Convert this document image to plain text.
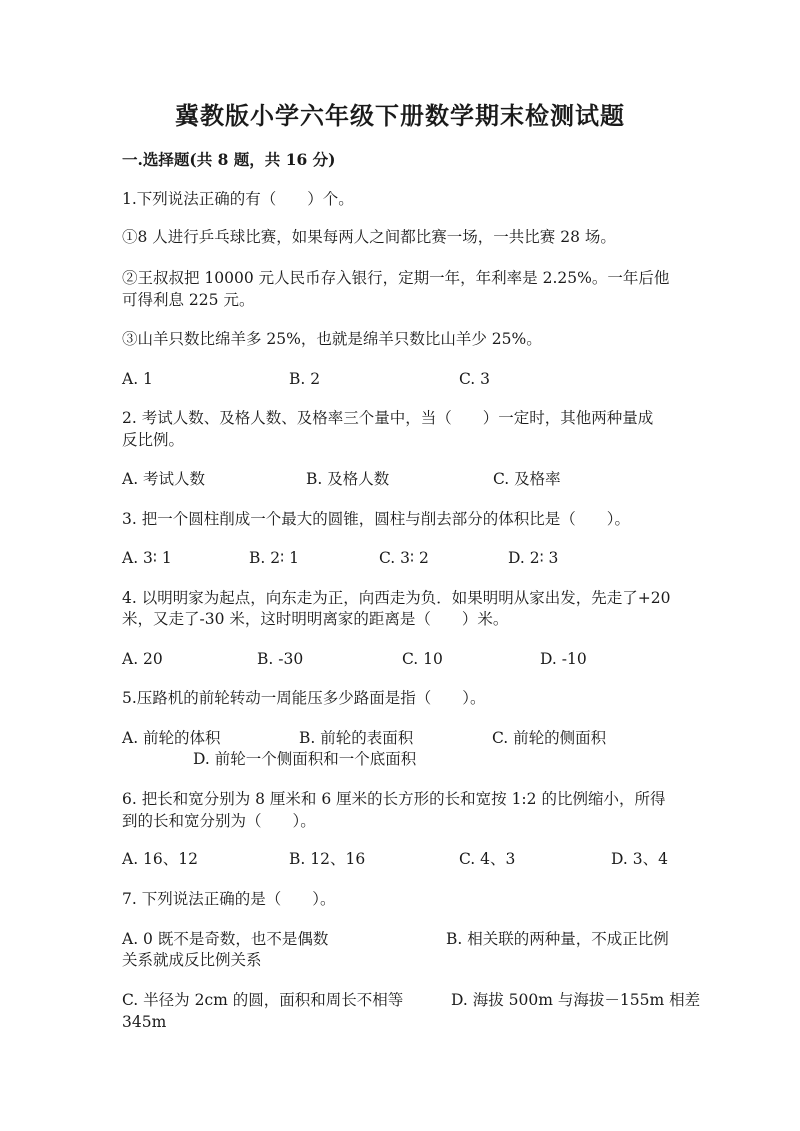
冀教版小学六年级下册数学期末检测试题
一.选择题(共 8 题，共 16 分)
1.下列说法正确的有（　　）个。
①8 人进行乒乓球比赛，如果每两人之间都比赛一场，一共比赛 28 场。
②王叔叔把 10000 元人民币存入银行，定期一年，年利率是 2.25%。一年后他
可得利息 225 元。
③山羊只数比绵羊多 25%，也就是绵羊只数比山羊少 25%。
A. 1	B. 2	C. 3
2. 考试人数、及格人数、及格率三个量中，当（　　）一定时，其他两种量成
反比例。
A. 考试人数	B. 及格人数	C. 及格率
3. 把一个圆柱削成一个最大的圆锥，圆柱与削去部分的体积比是（　　）。
A. 3∶ 1	B. 2∶ 1	C. 3∶ 2	D. 2∶ 3
4. 以明明家为起点，向东走为正，向西走为负．如果明明从家出发，先走了+20
米，又走了-30 米，这时明明离家的距离是（　　）米。
A. 20	B. -30	C. 10	D. -10
5.压路机的前轮转动一周能压多少路面是指（　　）。
A. 前轮的体积	B. 前轮的表面积	C. 前轮的侧面积
D. 前轮一个侧面积和一个底面积
6. 把长和宽分别为 8 厘米和 6 厘米的长方形的长和宽按 1:2 的比例缩小，所得
到的长和宽分别为（　　）。
A. 16、12	B. 12、16	C. 4、3	D. 3、4
7. 下列说法正确的是（　　）。
A. 0 既不是奇数，也不是偶数	B. 相关联的两种量，不成正比例
关系就成反比例关系
C. 半径为 2cm 的圆，面积和周长不相等	D. 海拔 500m 与海拔－155m 相差
345m
